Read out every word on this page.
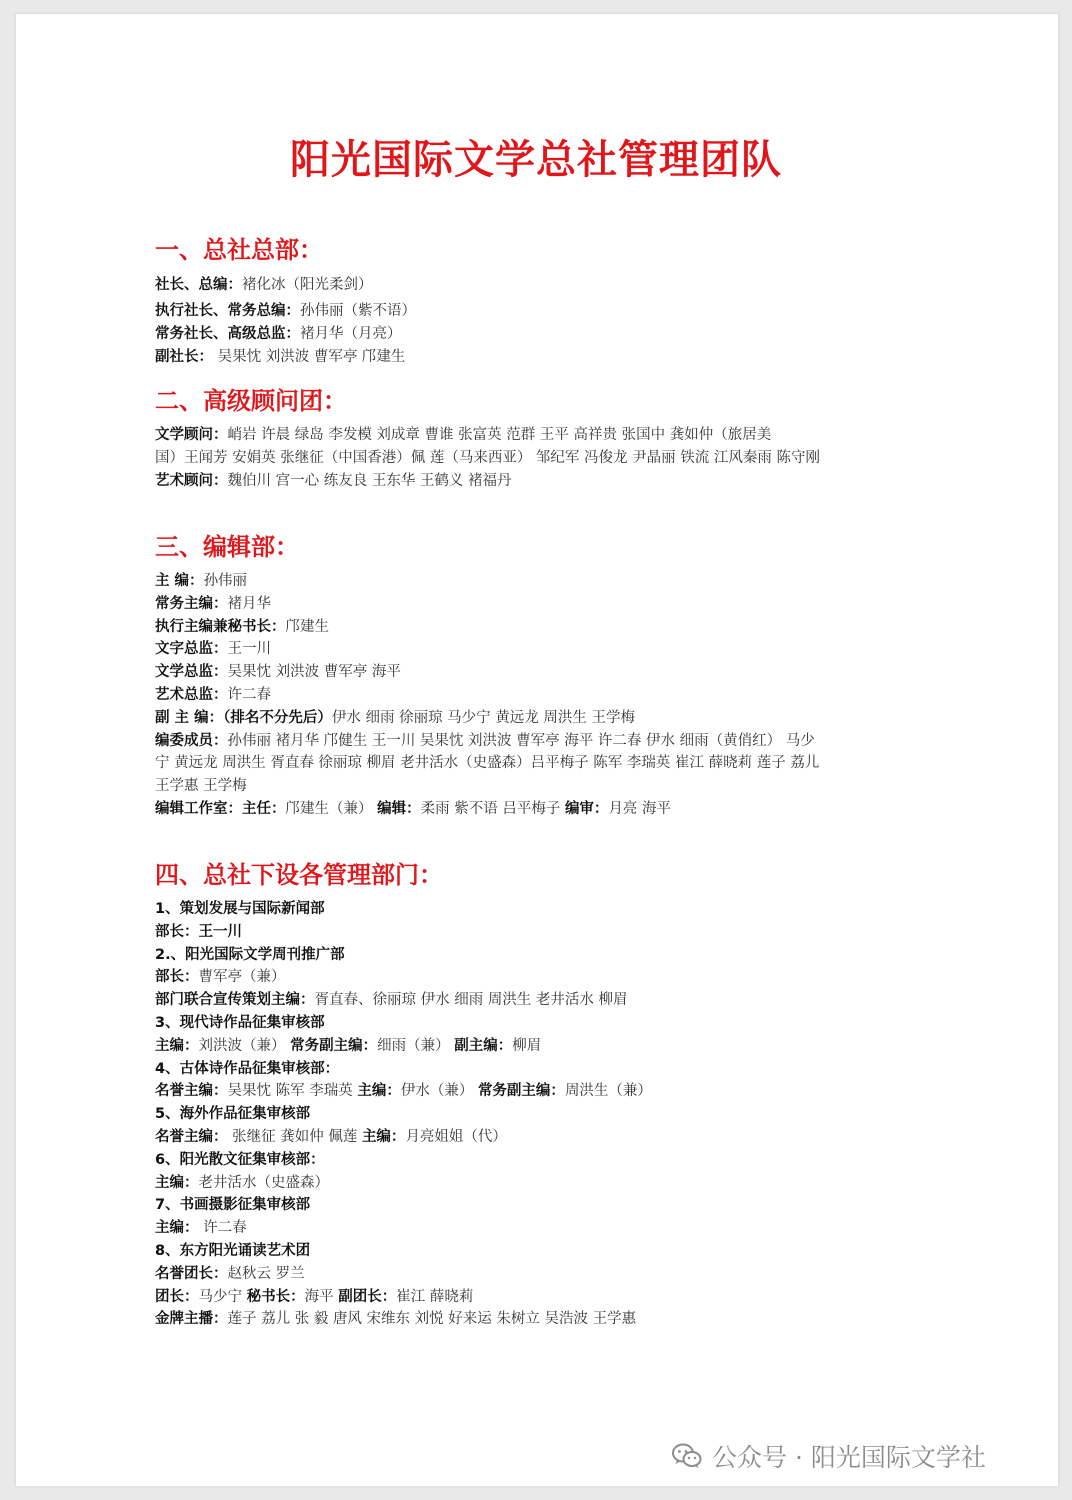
阳光国际文学总社管理团队
一、总社总部：
社长、总编：褚化冰（阳光柔剑）
执行社长、常务总编：孙伟丽（紫不语）
常务社长、高级总监：褚月华（月亮）
副社长： 吴果忱 刘洪波 曹军亭 邝建生
二、高级顾问团：
文学顾问：峭岩 许晨 绿岛 李发模 刘成章 曹谁 张富英 范群 王平 高祥贵 张国中 龚如仲（旅居美
国）王闻芳 安娟英 张继征（中国香港）佩 莲（马来西亚） 邹纪军 冯俊龙 尹晶丽 铁流 江风秦雨 陈守刚
艺术顾问：魏伯川 宫一心 练友良 王东华 王鹤义 褚福丹
三、编辑部：
主 编：孙伟丽
常务主编：褚月华
执行主编兼秘书长：邝建生
文字总监：王一川
文学总监：吴果忱 刘洪波 曹军亭 海平
艺术总监：许二春
副 主 编：（排名不分先后）伊水 细雨 徐丽琼 马少宁 黄远龙 周洪生 王学梅
编委成员：孙伟丽 褚月华 邝健生 王一川 吴果忱 刘洪波 曹军亭 海平 许二春 伊水 细雨（黄俏红） 马少
宁 黄远龙 周洪生 胥直春 徐丽琼 柳眉 老井活水（史盛森）吕平梅子 陈军 李瑞英 崔江 薛晓莉 莲子 荔儿
王学惠 王学梅
编辑工作室：主任：邝建生（兼） 编辑：柔雨 紫不语 吕平梅子 编审：月亮 海平
四、总社下设各管理部门：
1、策划发展与国际新闻部
部长：王一川
2.、阳光国际文学周刊推广部
部长：曹军亭（兼）
部门联合宣传策划主编：胥直春、徐丽琼 伊水 细雨 周洪生 老井活水 柳眉
3、现代诗作品征集审核部
主编：刘洪波（兼） 常务副主编：细雨（兼） 副主编：柳眉
4、古体诗作品征集审核部：
名誉主编：吴果忱 陈军 李瑞英 主编：伊水（兼） 常务副主编：周洪生（兼）
5、海外作品征集审核部
名誉主编： 张继征 龚如仲 佩莲 主编：月亮姐姐（代）
6、阳光散文征集审核部：
主编：老井活水（史盛森）
7、书画摄影征集审核部
主编： 许二春
8、东方阳光诵读艺术团
名誉团长：赵秋云 罗兰
团长：马少宁 秘书长：海平 副团长：崔江 薛晓莉
金牌主播：莲子 荔儿 张 毅 唐风 宋维东 刘悦 好来运 朱树立 吴浩波 王学惠
公众号 · 阳光国际文学社
